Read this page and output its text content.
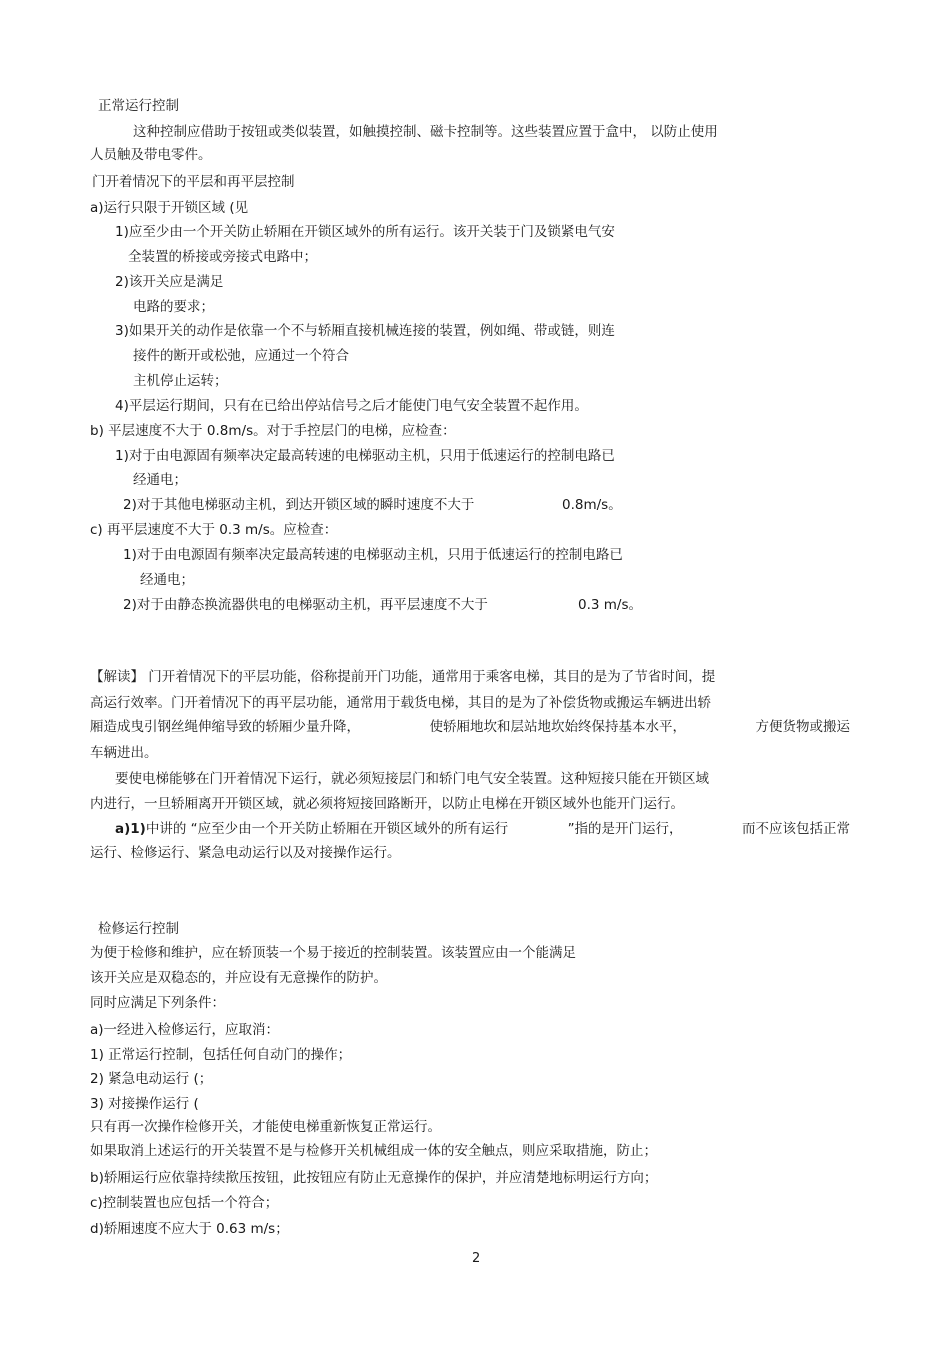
正常运行控制
这种控制应借助于按钮或类似装置，如触摸控制、磁卡控制等。这些装置应置于盒中， 以防止使用
人员触及带电零件。
门开着情况下的平层和再平层控制
a)运行只限于开锁区域 (见
1)应至少由一个开关防止轿厢在开锁区域外的所有运行。该开关装于门及锁紧电气安
全装置的桥接或旁接式电路中；
2)该开关应是满足
电路的要求；
3)如果开关的动作是依靠一个不与轿厢直接机械连接的装置，例如绳、带或链，则连
接件的断开或松弛，应通过一个符合
主机停止运转；
4)平层运行期间，只有在已给出停站信号之后才能使门电气安全装置不起作用。
b) 平层速度不大于 0.8m/s。对于手控层门的电梯，应检查：
1)对于由电源固有频率决定最高转速的电梯驱动主机，只用于低速运行的控制电路已
经通电；
2)对于其他电梯驱动主机，到达开锁区域的瞬时速度不大于	0.8m/s。
c) 再平层速度不大于 0.3 m/s。应检查：
1)对于由电源固有频率决定最高转速的电梯驱动主机，只用于低速运行的控制电路已
经通电；
2)对于由静态换流器供电的电梯驱动主机，再平层速度不大于	0.3 m/s。
【解读】 门开着情况下的平层功能，俗称提前开门功能，通常用于乘客电梯，其目的是为了节省时间，提
高运行效率。门开着情况下的再平层功能，通常用于载货电梯，其目的是为了补偿货物或搬运车辆进出轿
厢造成曳引钢丝绳伸缩导致的轿厢少量升降，	使轿厢地坎和层站地坎始终保持基本水平，	方便货物或搬运
车辆进出。
要使电梯能够在门开着情况下运行，就必须短接层门和轿门电气安全装置。这种短接只能在开锁区域
内进行，一旦轿厢离开开锁区域，就必须将短接回路断开，以防止电梯在开锁区域外也能开门运行。
a)1)中讲的 “应至少由一个开关防止轿厢在开锁区域外的所有运行	”指的是开门运行，	而不应该包括正常
运行、检修运行、紧急电动运行以及对接操作运行。
检修运行控制
为便于检修和维护，应在轿顶装一个易于接近的控制装置。该装置应由一个能满足
该开关应是双稳态的，并应设有无意操作的防护。
同时应满足下列条件：
a)一经进入检修运行，应取消：
1) 正常运行控制，包括任何自动门的操作；
2) 紧急电动运行 (；
3) 对接操作运行 (
只有再一次操作检修开关，才能使电梯重新恢复正常运行。
如果取消上述运行的开关装置不是与检修开关机械组成一体的安全触点，则应采取措施，防止；
b)轿厢运行应依靠持续揿压按钮，此按钮应有防止无意操作的保护，并应清楚地标明运行方向；
c)控制装置也应包括一个符合；
d)轿厢速度不应大于 0.63 m/s；
2
